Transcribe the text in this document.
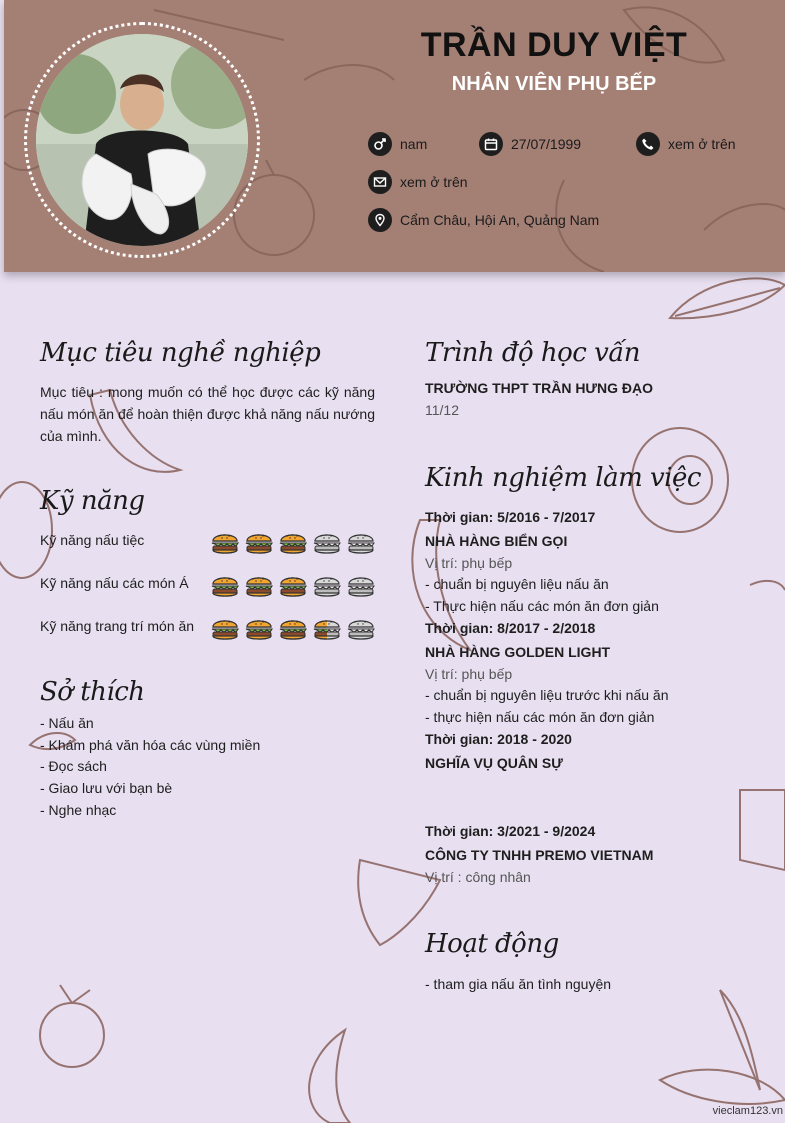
TRẦN DUY VIỆT
NHÂN VIÊN PHỤ BẾP
nam	27/07/1999	xem ở trên
xem ở trên
Cẩm Châu, Hội An, Quảng Nam
Mục tiêu nghề nghiệp
Mục tiêu : mong muốn có thể học được các kỹ năng nấu món ăn để hoàn thiện được khả năng nấu nướng của mình.
Kỹ năng
Kỹ năng nấu tiệc
Kỹ năng nấu các món Á
Kỹ năng trang trí món ăn
Sở thích
- Nấu ăn
- Khám phá văn hóa các vùng miền
- Đọc sách
- Giao lưu với bạn bè
- Nghe nhạc
Trình độ học vấn
TRƯỜNG THPT TRẦN HƯNG ĐẠO
11/12
Kinh nghiệm làm việc
Thời gian: 5/2016 - 7/2017
NHÀ HÀNG BIỂN GỌI
Vị trí: phụ bếp
- chuẩn bị nguyên liệu nấu ăn
- Thực hiện nấu các món ăn đơn giản
Thời gian: 8/2017 - 2/2018
NHÀ HÀNG GOLDEN LIGHT
Vị trí: phụ bếp
- chuẩn bị nguyên liệu trước khi nấu ăn
- thực hiện nấu các món ăn đơn giản
Thời gian: 2018 - 2020
NGHĨA VỤ QUÂN SỰ
Thời gian: 3/2021 - 9/2024
CÔNG TY TNHH PREMO VIETNAM
Vị trí : công nhân
Hoạt động
- tham gia nấu ăn tình nguyện
vieclam123.vn
